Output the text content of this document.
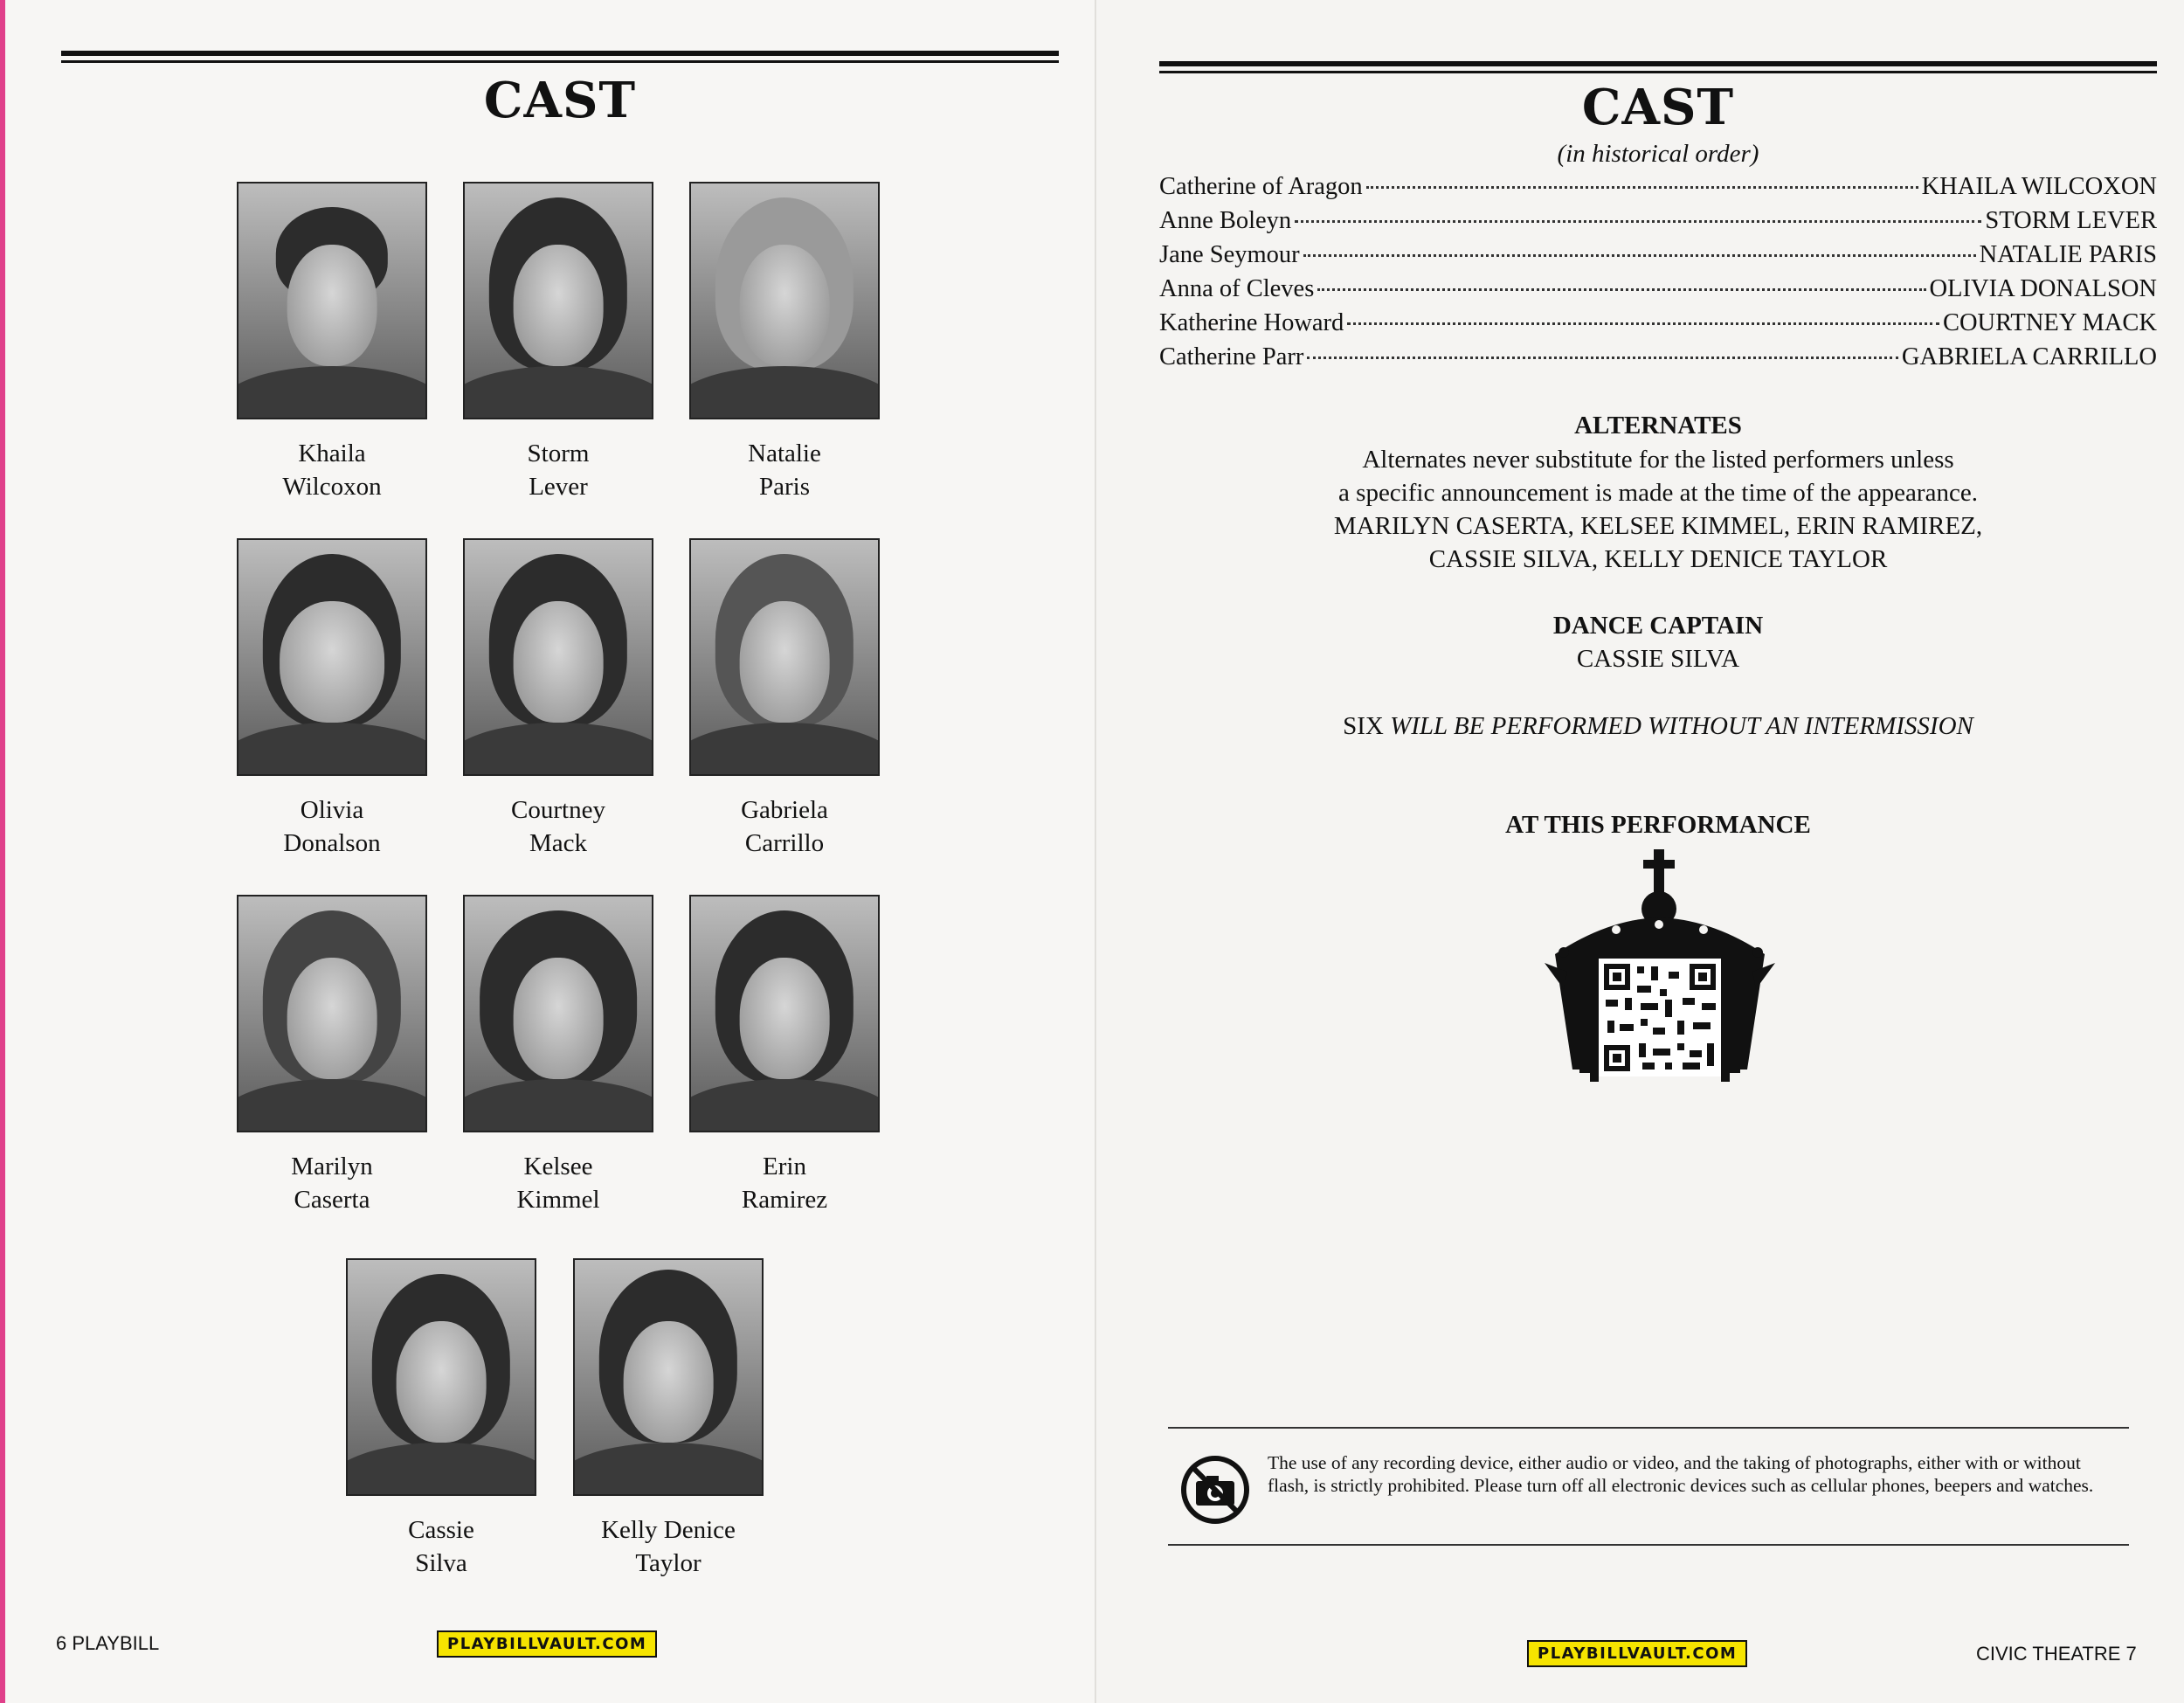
CAST
Khaila
Wilcoxon
Storm
Lever
Natalie
Paris
Olivia
Donalson
Courtney
Mack
Gabriela
Carrillo
Marilyn
Caserta
Kelsee
Kimmel
Erin
Ramirez
Cassie
Silva
Kelly Denice
Taylor
6 PLAYBILL	PLAYBILLVAULT.COM
CAST
(in historical order)
Catherine of Aragon	KHAILA WILCOXON
Anne Boleyn	STORM LEVER
Jane Seymour	NATALIE PARIS
Anna of Cleves	OLIVIA DONALSON
Katherine Howard	COURTNEY MACK
Catherine Parr	GABRIELA CARRILLO
ALTERNATES
Alternates never substitute for the listed performers unless
a specific announcement is made at the time of the appearance.
MARILYN CASERTA, KELSEE KIMMEL, ERIN RAMIREZ,
CASSIE SILVA, KELLY DENICE TAYLOR
DANCE CAPTAIN
CASSIE SILVA
SIX WILL BE PERFORMED WITHOUT AN INTERMISSION
AT THIS PERFORMANCE
The use of any recording device, either audio or video, and the taking of photographs, either with or without flash, is strictly prohibited. Please turn off all electronic devices such as cellular phones, beepers and watches.
PLAYBILLVAULT.COM	CIVIC THEATRE 7
